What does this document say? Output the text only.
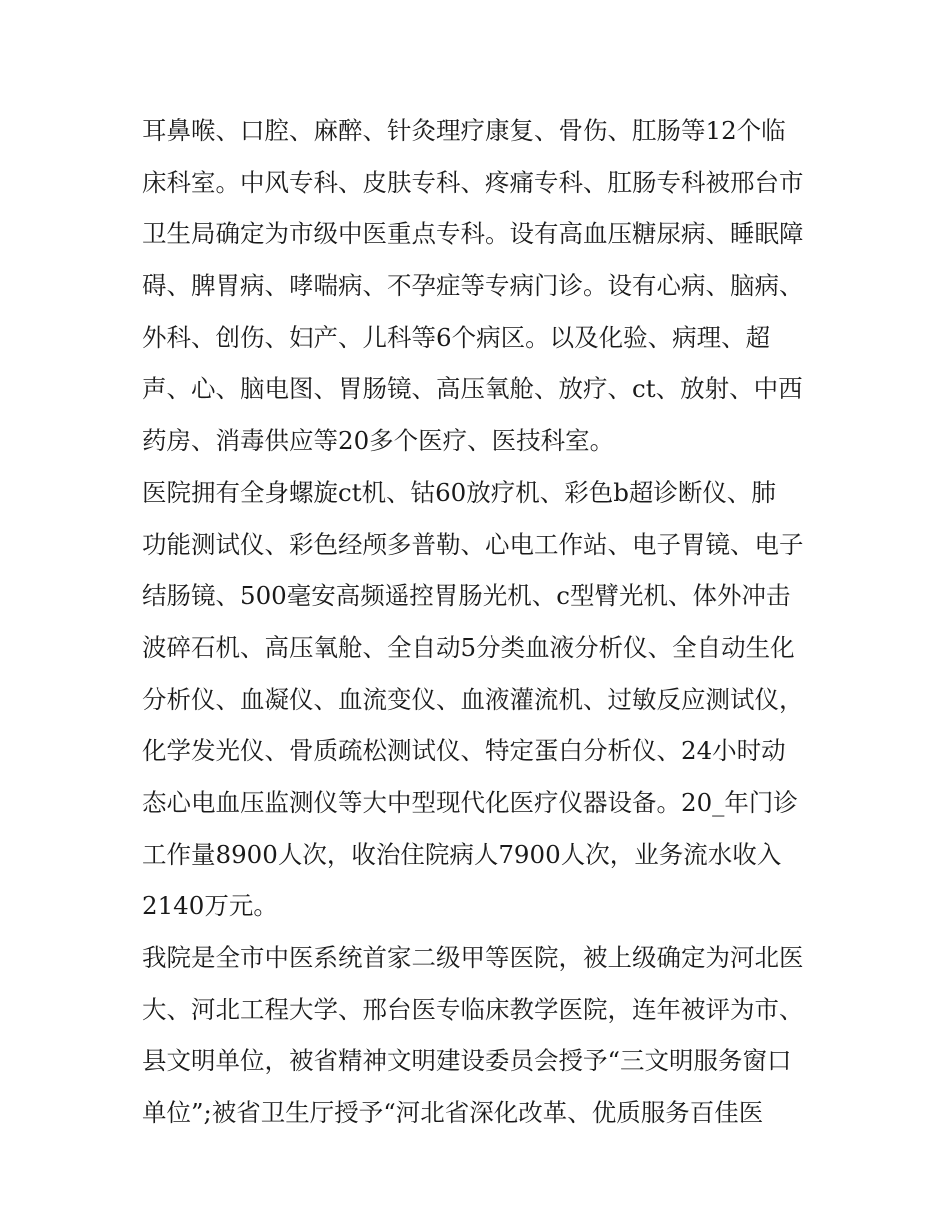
耳鼻喉、口腔、麻醉、针灸理疗康复、骨伤、肛肠等12个临
床科室。中风专科、皮肤专科、疼痛专科、肛肠专科被邢台市
卫生局确定为市级中医重点专科。设有高血压糖尿病、睡眠障
碍、脾胃病、哮喘病、不孕症等专病门诊。设有心病、脑病、
外科、创伤、妇产、儿科等6个病区。以及化验、病理、超
声、心、脑电图、胃肠镜、高压氧舱、放疗、ct、放射、中西
药房、消毒供应等20多个医疗、医技科室。
医院拥有全身螺旋ct机、钴60放疗机、彩色b超诊断仪、肺
功能测试仪、彩色经颅多普勒、心电工作站、电子胃镜、电子
结肠镜、500毫安高频遥控胃肠光机、c型臂光机、体外冲击
波碎石机、高压氧舱、全自动5分类血液分析仪、全自动生化
分析仪、血凝仪、血流变仪、血液灌流机、过敏反应测试仪，
化学发光仪、骨质疏松测试仪、特定蛋白分析仪、24小时动
态心电血压监测仪等大中型现代化医疗仪器设备。20_年门诊
工作量8900人次，收治住院病人7900人次，业务流水收入
2140万元。
我院是全市中医系统首家二级甲等医院，被上级确定为河北医
大、河北工程大学、邢台医专临床教学医院，连年被评为市、
县文明单位，被省精神文明建设委员会授予“三文明服务窗口
单位”;被省卫生厅授予“河北省深化改革、优质服务百佳医
